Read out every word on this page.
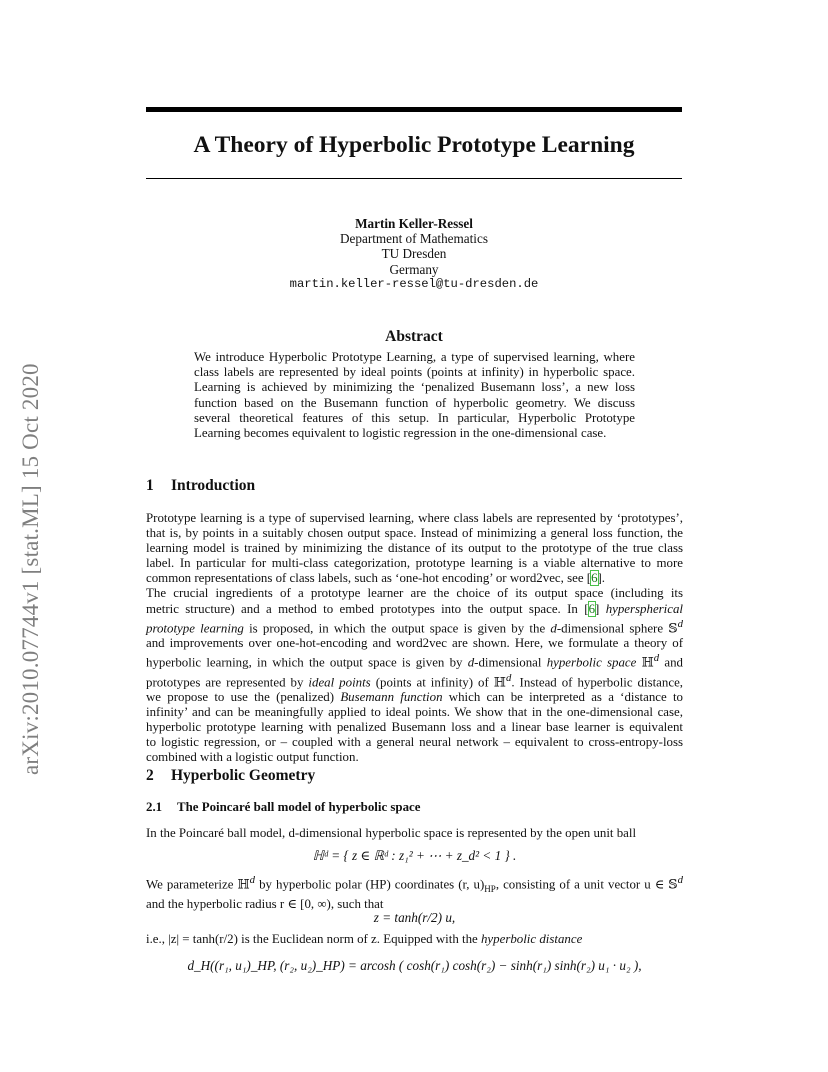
arXiv:2010.07744v1 [stat.ML] 15 Oct 2020
A Theory of Hyperbolic Prototype Learning
Martin Keller-Ressel
Department of Mathematics
TU Dresden
Germany
martin.keller-ressel@tu-dresden.de
Abstract
We introduce Hyperbolic Prototype Learning, a type of supervised learning, where
class labels are represented by ideal points (points at infinity) in hyperbolic space.
Learning is achieved by minimizing the ‘penalized Busemann loss’, a new loss
function based on the Busemann function of hyperbolic geometry. We discuss
several theoretical features of this setup. In particular, Hyperbolic Prototype
Learning becomes equivalent to logistic regression in the one-dimensional case.
1 Introduction
Prototype learning is a type of supervised learning, where class labels are represented by ‘prototypes’,
that is, by points in a suitably chosen output space. Instead of minimizing a general loss function, the
learning model is trained by minimizing the distance of its output to the prototype of the true class
label. In particular for multi-class categorization, prototype learning is a viable alternative to more
common representations of class labels, such as ‘one-hot encoding’ or word2vec, see [6].
The crucial ingredients of a prototype learner are the choice of its output space (including its
metric structure) and a method to embed prototypes into the output space. In [6] hyperspherical
prototype learning is proposed, in which the output space is given by the d-dimensional sphere 𝕊$^d$
and improvements over one-hot-encoding and word2vec are shown. Here, we formulate a theory of
hyperbolic learning, in which the output space is given by d-dimensional hyperbolic space ℍ$^d$ and
prototypes are represented by ideal points (points at infinity) of ℍ$^d$. Instead of hyperbolic distance,
we propose to use the (penalized) Busemann function which can be interpreted as a ‘distance to
infinity’ and can be meaningfully applied to ideal points. We show that in the one-dimensional case,
hyperbolic prototype learning with penalized Busemann loss and a linear base learner is equivalent
to logistic regression, or – coupled with a general neural network – equivalent to cross-entropy-loss
combined with a logistic output function.
2 Hyperbolic Geometry
2.1 The Poincaré ball model of hyperbolic space
In the Poincaré ball model, d-dimensional hyperbolic space is represented by the open unit ball
ℍᵈ = { z ∈ ℝᵈ : z₁² + ⋯ + z_d² < 1 } .
We parameterize ℍ$^d$ by hyperbolic polar (HP) coordinates (r, $u)_{HP}$, consisting of a unit vector u ∈ 𝕊$^d$
and the hyperbolic radius r ∈ [0, ∞), such that
z = tanh(r/2) u,
i.e., |z| = tanh(r/2) is the Euclidean norm of z. Equipped with the hyperbolic distance
d_H((r₁, u₁)_HP, (r₂, u₂)_HP) = arcosh ( cosh(r₁) cosh(r₂) − sinh(r₁) sinh(r₂) u₁ · u₂ ),
